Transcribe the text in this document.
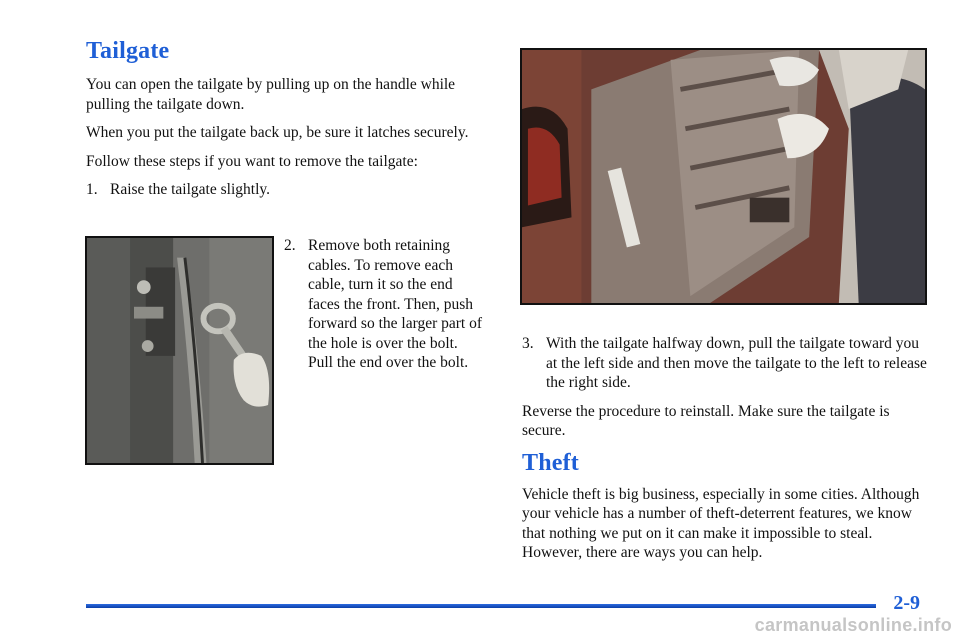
Tailgate

You can open the tailgate by pulling up on the handle while pulling the tailgate down.

When you put the tailgate back up, be sure it latches securely.

Follow these steps if you want to remove the tailgate:

1. Raise the tailgate slightly.
2. Remove both retaining cables. To remove each cable, turn it so the end faces the front. Then, push forward so the larger part of the hole is over the bolt. Pull the end over the bolt.
3. With the tailgate halfway down, pull the tailgate toward you at the left side and then move the tailgate to the left to release the right side.

Reverse the procedure to reinstall. Make sure the tailgate is secure.

Theft

Vehicle theft is big business, especially in some cities. Although your vehicle has a number of theft-deterrent features, we know that nothing we put on it can make it impossible to steal. However, there are ways you can help.

2-9
carmanualsonline.info
